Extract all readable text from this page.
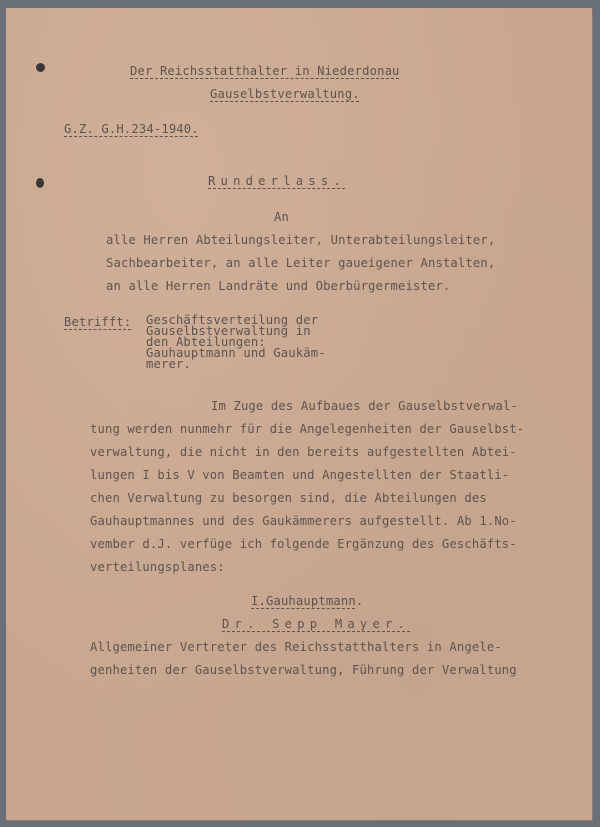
Der Reichsstatthalter in Niederdonau
Gauselbstverwaltung.
G.Z. G.H.234-1940.
Runderlass.
An
alle Herren Abteilungsleiter, Unterabteilungsleiter,
Sachbearbeiter, an alle Leiter gaueigener Anstalten,
an alle Herren Landräte und Oberbürgermeister.
Betrifft: Geschäftsverteilung der
Gauselbstverwaltung in
den Abteilungen:
Gauhauptmann und Gaukäm-
merer.
Im Zuge des Aufbaues der Gauselbstverwal-
tung werden nunmehr für die Angelegenheiten der Gauselbst-
verwaltung, die nicht in den bereits aufgestellten Abtei-
lungen I bis V von Beamten und Angestellten der Staatli-
chen Verwaltung zu besorgen sind, die Abteilungen des
Gauhauptmannes und des Gaukämmerers aufgestellt. Ab 1.No-
vember d.J. verfüge ich folgende Ergänzung des Geschäfts-
verteilungsplanes:
I.Gauhauptmann.
Dr. Sepp Mayer.
Allgemeiner Vertreter des Reichsstatthalters in Angele-
genheiten der Gauselbstverwaltung, Führung der Verwaltung
